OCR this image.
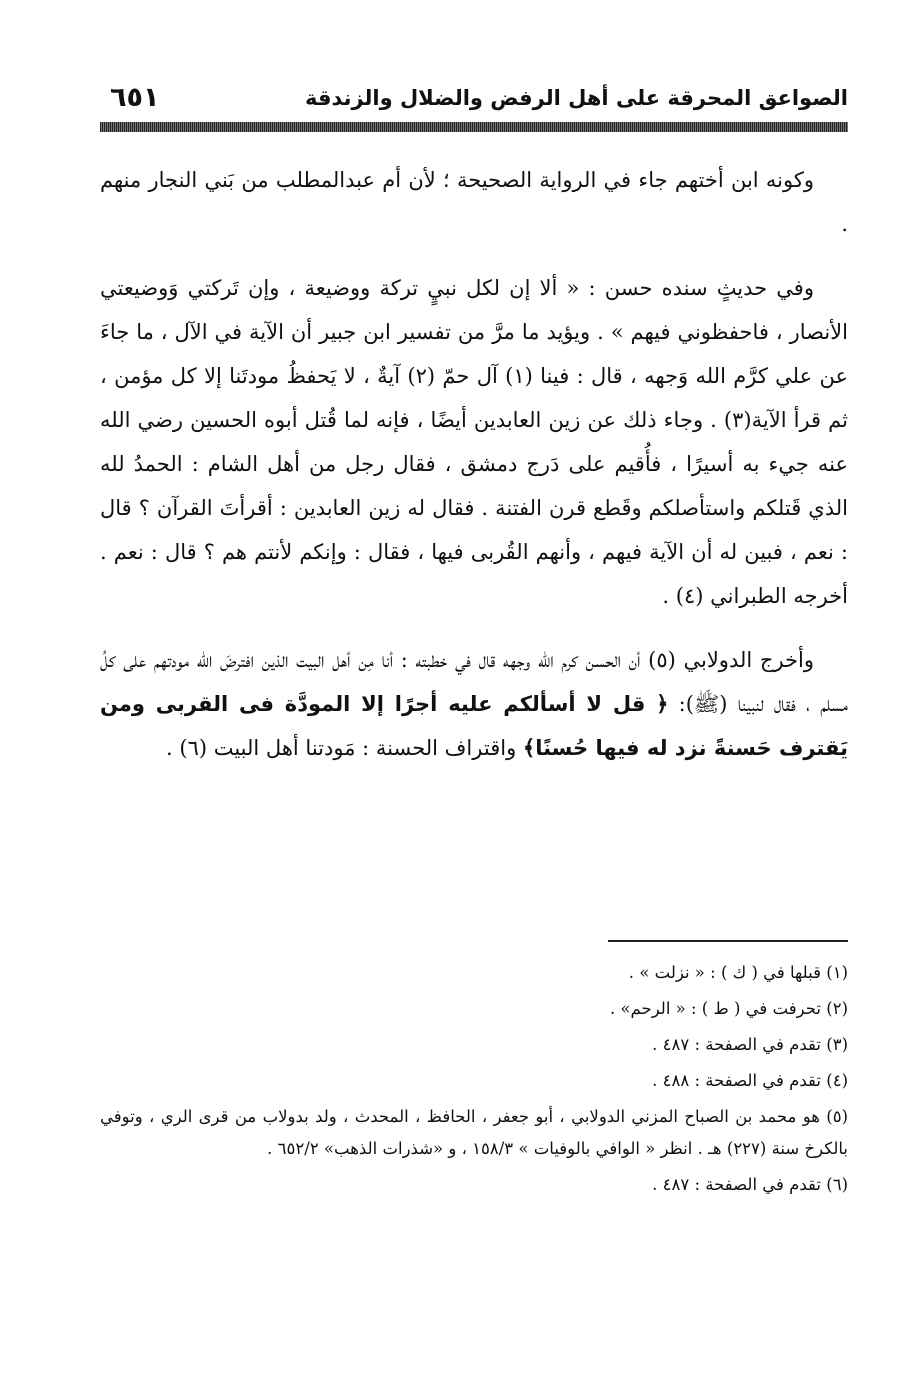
الصواعق المحرقة على أهل الرفض والضلال والزندقة
٦٥١

وكونه ابن أختهم جاء في الرواية الصحيحة ؛ لأن أم عبدالمطلب من بَني النجار منهم .

وفي حديثٍ سنده حسن : « ألا إن لكل نبيٍ تركة ووضيعة ، وإن تَركتي وَوضيعتي الأنصار ، فاحفظوني فيهم » . ويؤيد ما مرَّ من تفسير ابن جبير أن الآية في الآل ، ما جاءَ عن علي كرَّم الله وَجهه ، قال : فينا (١) آل حمّ (٢) آيةٌ ، لا يَحفظُ مودتَنا إلا كل مؤمن ، ثم قرأ الآية(٣) . وجاء ذلك عن زين العابدين أيضًا ، فإنه لما قُتل أبوه الحسين رضي الله عنه جيء به أسيرًا ، فأُقيم على دَرج دمشق ، فقال رجل من أهل الشام : الحمدُ لله الذي قَتلكم واستأصلكم وقَطع قرن الفتنة . فقال له زين العابدين : أقرأتَ القرآن ؟ قال : نعم ، فبين له أن الآية فيهم ، وأنهم القُربى فيها ، فقال : وإنكم لأنتم هم ؟ قال : نعم . أخرجه الطبراني (٤) .

وأخرج الدولابي (٥) أن الحسن كرم الله وجهه قال في خطبته : أنا مِن أهل البيت الذين افترضَ الله مودتهم على كلُ مسلم ، فقال لنبينا (ﷺ): ﴿ قل لا أسألكم عليه أجرًا إلا المودَّة فى القربى ومن يَقترف حَسنةً نزد له فيها حُسنًا﴾ واقتراف الحسنة : مَودتنا أهل البيت (٦) .

(١) قبلها في ( ك ) : « نزلت » .
(٢) تحرفت في ( ط ) : « الرحم» .
(٣) تقدم في الصفحة : ٤٨٧ .
(٤) تقدم في الصفحة : ٤٨٨ .
(٥) هو محمد بن الصباح المزني الدولابي ، أبو جعفر ، الحافظ ، المحدث ، ولد بدولاب من قرى الري ، وتوفي بالكرخ سنة (٢٢٧) هـ . انظر « الوافي بالوفيات » ١٥٨/٣ ، و «شذرات الذهب» ٦٥٢/٢ .
(٦) تقدم في الصفحة : ٤٨٧ .
